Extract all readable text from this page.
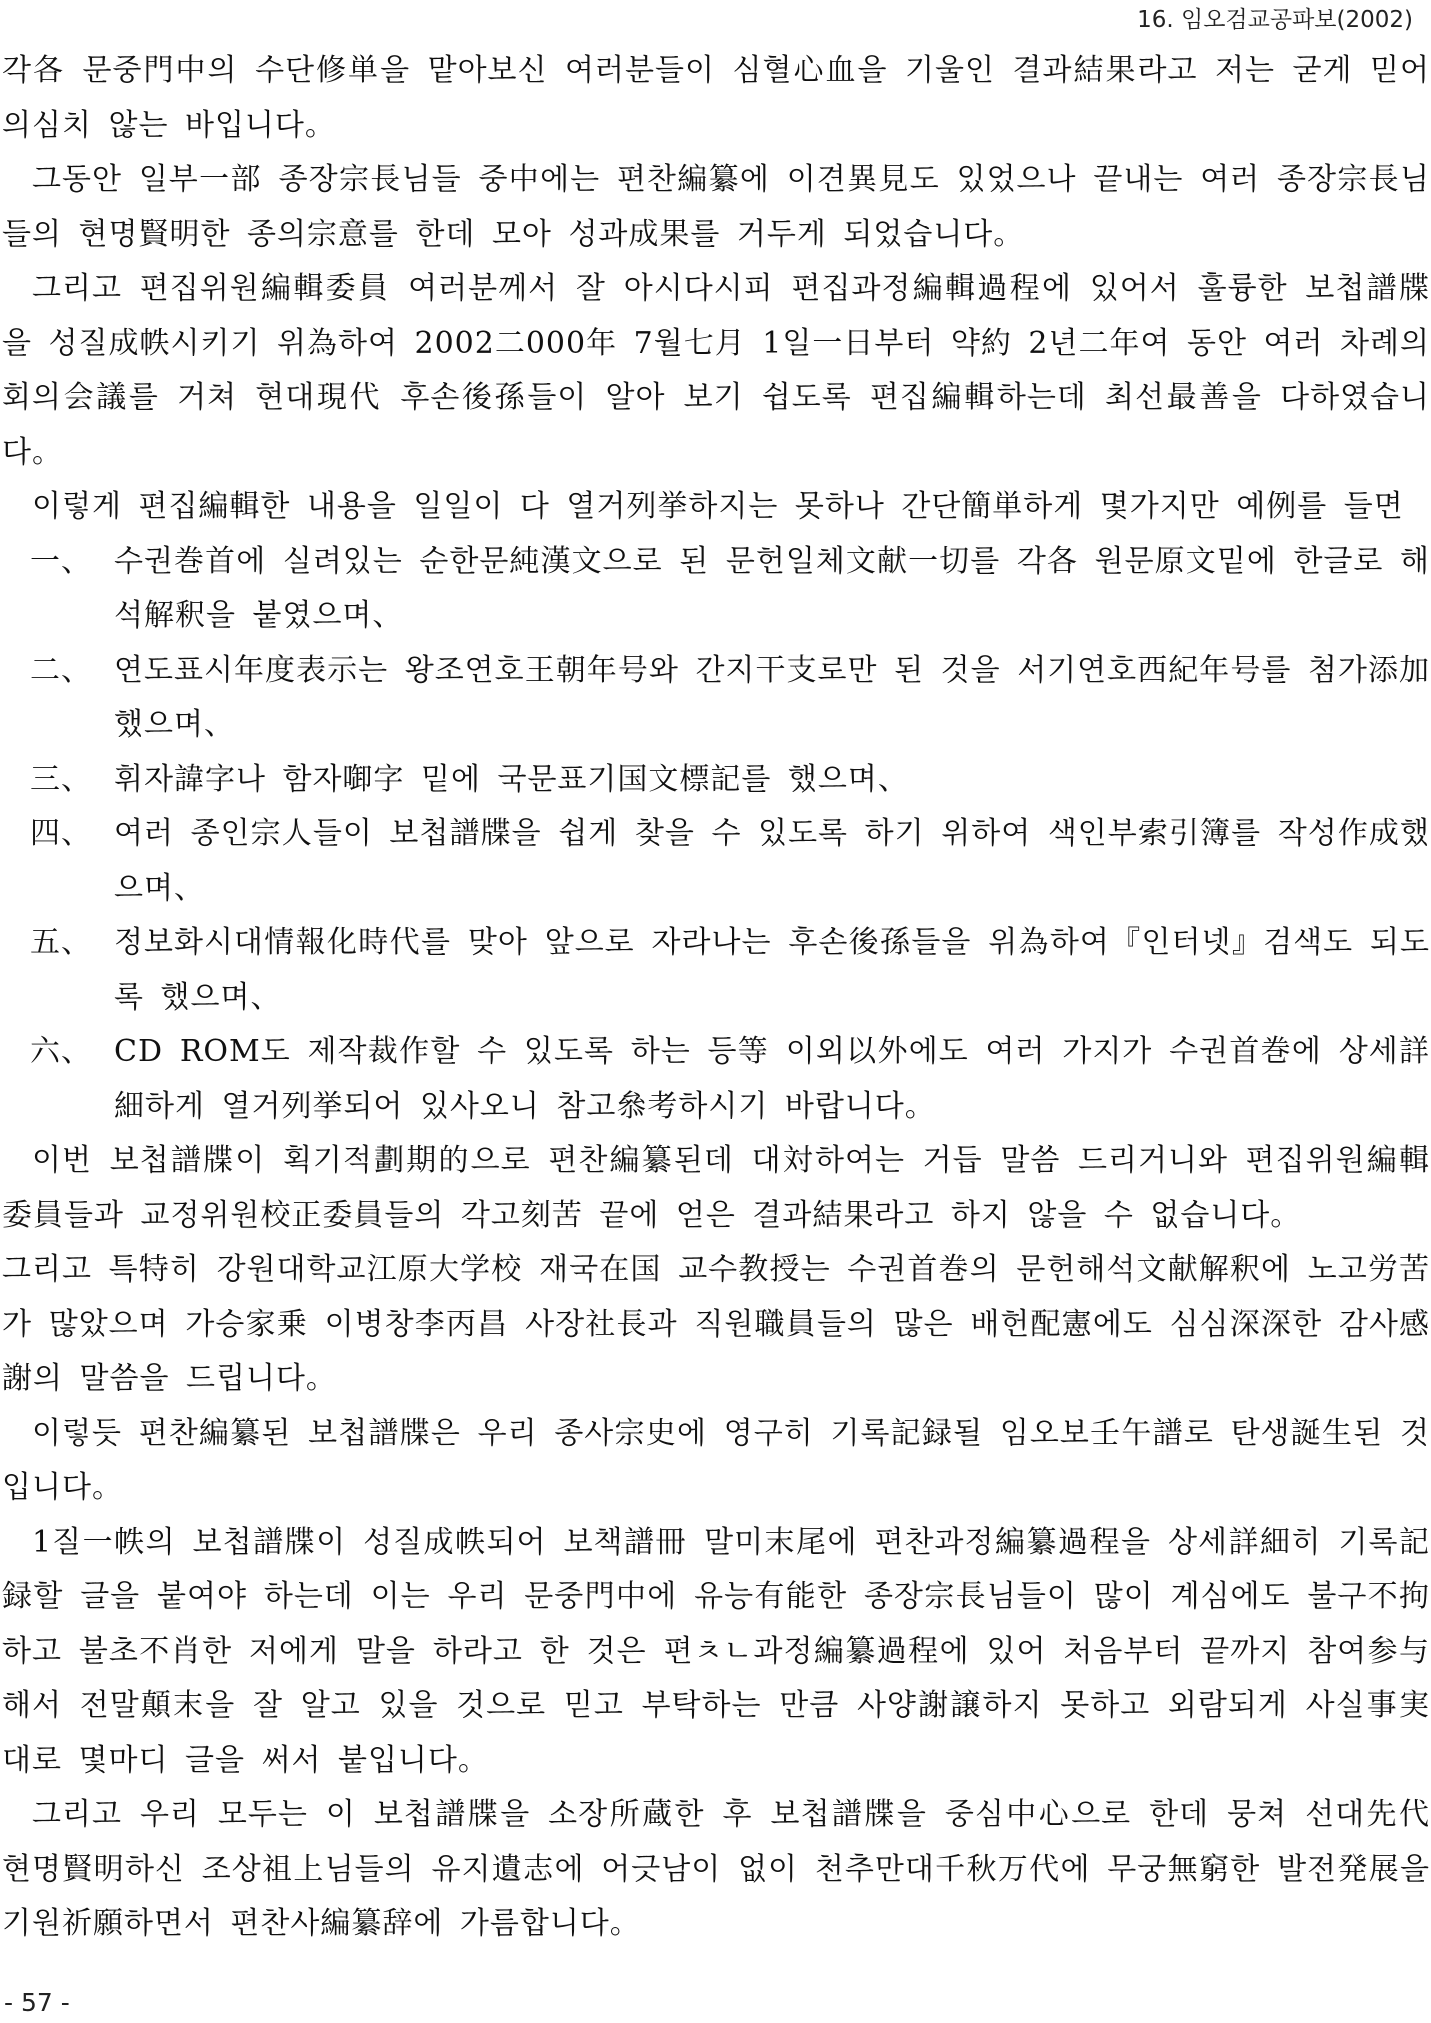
16. 임오검교공파보(2002)

각各 문중門中의 수단修単을 맡아보신 여러분들이 심혈心血을 기울인 결과結果라고 저는 굳게 믿어 의심치 않는 바입니다。

그동안 일부一部 종장宗長님들 중中에는 편찬編纂에 이견異見도 있었으나 끝내는 여러 종장宗長님들의 현명賢明한 종의宗意를 한데 모아 성과成果를 거두게 되었습니다。

그리고 편집위원編輯委員 여러분께서 잘 아시다시피 편집과정編輯過程에 있어서 훌륭한 보첩譜牒을 성질成帙시키기 위為하여 2002二000年 7월七月 1일一日부터 약約 2년二年여 동안 여러 차례의 회의会議를 거쳐 현대現代 후손後孫들이 알아 보기 쉽도록 편집編輯하는데 최선最善을 다하였습니다。

이렇게 편집編輯한 내용을 일일이 다 열거列挙하지는 못하나 간단簡単하게 몇가지만 예例를 들면

一、 수권巻首에 실려있는 순한문純漢文으로 된 문헌일체文献一切를 각各 원문原文밑에 한글로 해석解釈을 붙였으며、
二、 연도표시年度表示는 왕조연호王朝年号와 간지干支로만 된 것을 서기연호西紀年号를 첨가添加했으며、
三、 휘자諱字나 함자啣字 밑에 국문표기国文標記를 했으며、
四、 여러 종인宗人들이 보첩譜牒을 쉽게 찾을 수 있도록 하기 위하여 색인부索引簿를 작성作成했으며、
五、 정보화시대情報化時代를 맞아 앞으로 자라나는 후손後孫들을 위為하여『인터넷』검색도 되도록 했으며、
六、 CD ROM도 제작裁作할 수 있도록 하는 등等 이외以外에도 여러 가지가 수권首巻에 상세詳細하게 열거列挙되어 있사오니 참고叅考하시기 바랍니다。

이번 보첩譜牒이 획기적劃期的으로 편찬編纂된데 대対하여는 거듭 말씀 드리거니와 편집위원編輯委員들과 교정위원校正委員들의 각고刻苦 끝에 얻은 결과結果라고 하지 않을 수 없습니다。

그리고 특特히 강원대학교江原大学校 재국在国 교수教授는 수권首巻의 문헌해석文献解釈에 노고労苦가 많았으며 가승家乗 이병창李丙昌 사장社長과 직원職員들의 많은 배헌配憲에도 심심深深한 감사感謝의 말씀을 드립니다。

이렇듯 편찬編纂된 보첩譜牒은 우리 종사宗史에 영구히 기록記録될 임오보壬午譜로 탄생誕生된 것입니다。

1질一帙의 보첩譜牒이 성질成帙되어 보책譜冊 말미末尾에 편찬과정編纂過程을 상세詳細히 기록記録할 글을 붙여야 하는데 이는 우리 문중門中에 유능有能한 종장宗長님들이 많이 계심에도 불구不拘하고 불초不肖한 저에게 말을 하라고 한 것은 편ㅊㄴ과정編纂過程에 있어 처음부터 끝까지 참여参与해서 전말顛末을 잘 알고 있을 것으로 믿고 부탁하는 만큼 사양謝譲하지 못하고 외람되게 사실事実대로 몇마디 글을 써서 붙입니다。

그리고 우리 모두는 이 보첩譜牒을 소장所蔵한 후 보첩譜牒을 중심中心으로 한데 뭉쳐 선대先代 현명賢明하신 조상祖上님들의 유지遺志에 어긋남이 없이 천추만대千秋万代에 무궁無窮한 발전発展을 기원祈願하면서 편찬사編纂辞에 가름합니다。

- 57 -
